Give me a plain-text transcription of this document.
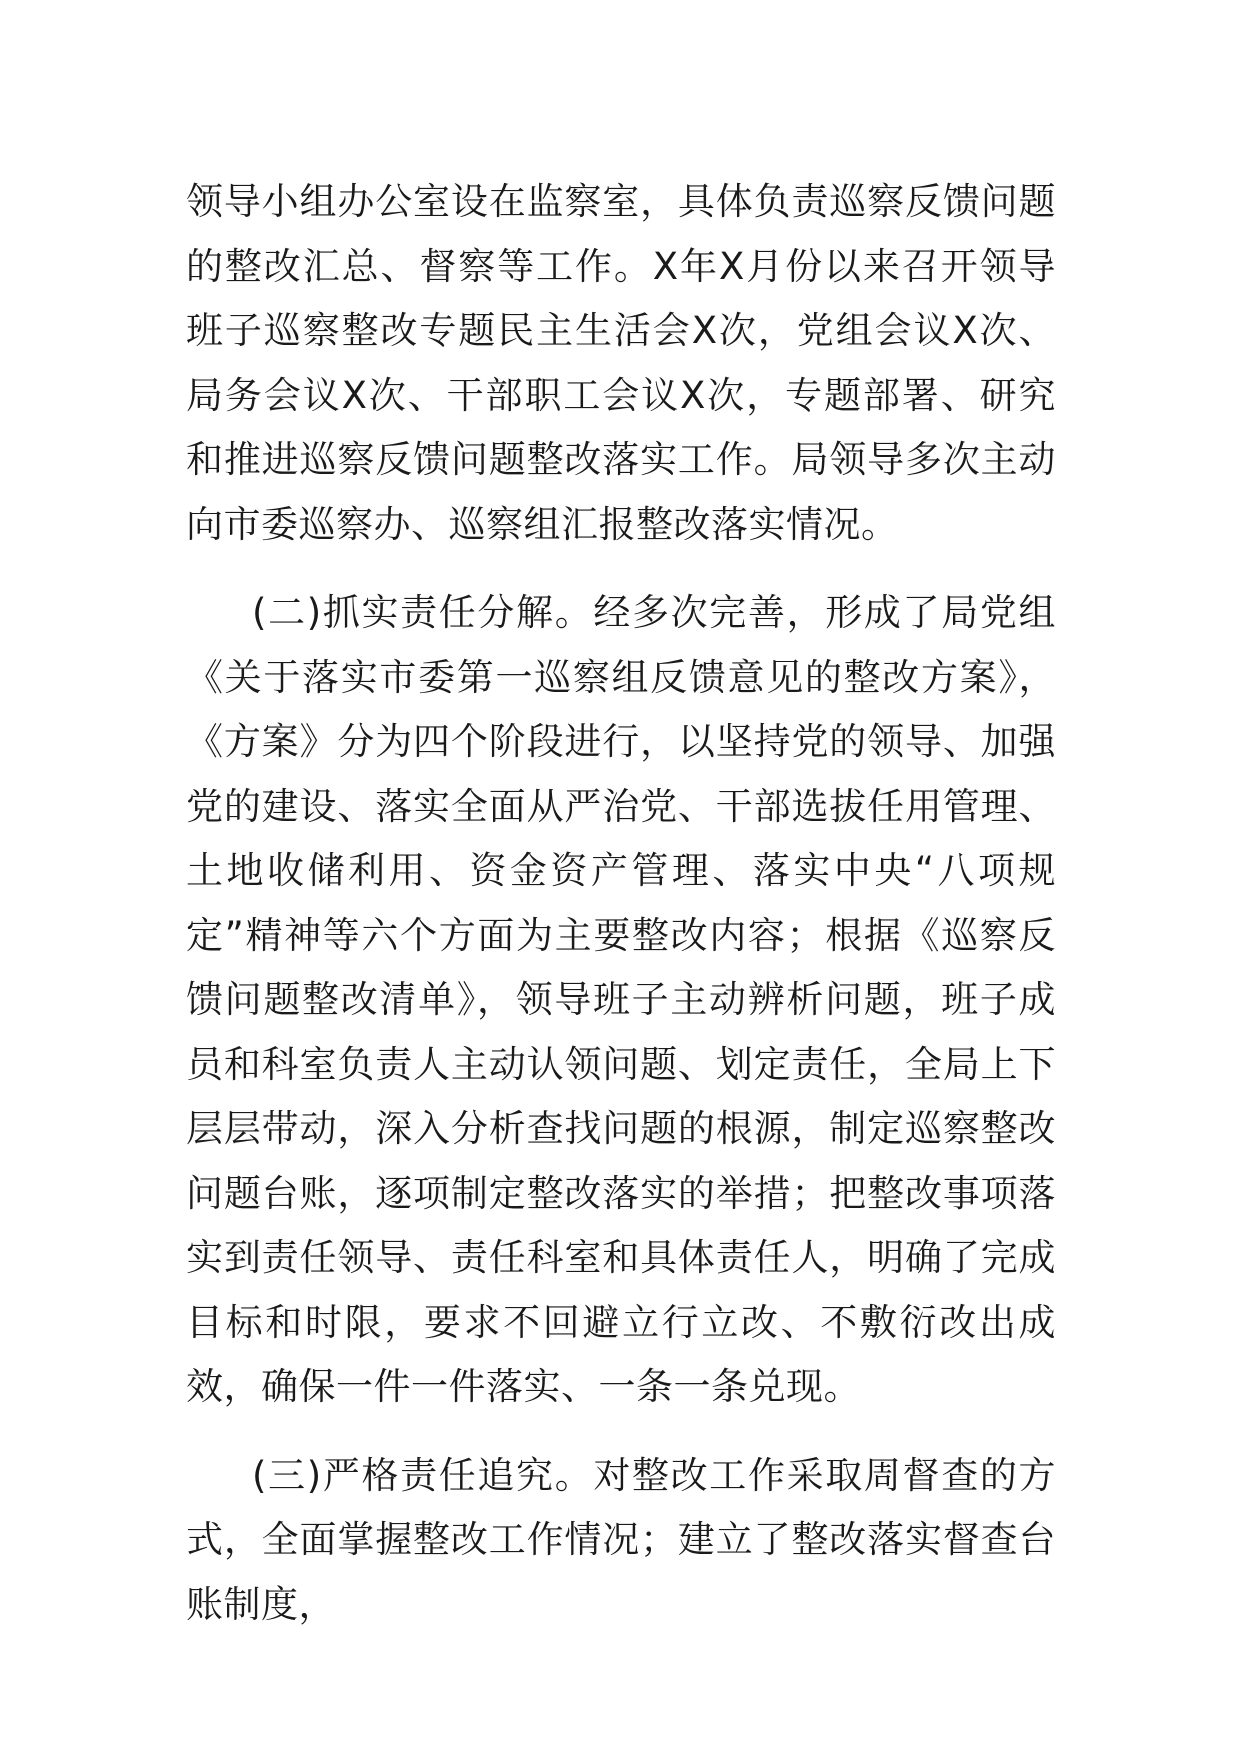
领导小组办公室设在监察室，具体负责巡察反馈问题的整改汇总、督察等工作。X年X月份以来召开领导班子巡察整改专题民主生活会X次，党组会议X次、局务会议X次、干部职工会议X次，专题部署、研究和推进巡察反馈问题整改落实工作。局领导多次主动向市委巡察办、巡察组汇报整改落实情况。

(二)抓实责任分解。经多次完善，形成了局党组《关于落实市委第一巡察组反馈意见的整改方案》，《方案》分为四个阶段进行，以坚持党的领导、加强党的建设、落实全面从严治党、干部选拔任用管理、土地收储利用、资金资产管理、落实中央“八项规定”精神等六个方面为主要整改内容；根据《巡察反馈问题整改清单》，领导班子主动辨析问题，班子成员和科室负责人主动认领问题、划定责任，全局上下层层带动，深入分析查找问题的根源，制定巡察整改问题台账，逐项制定整改落实的举措；把整改事项落实到责任领导、责任科室和具体责任人，明确了完成目标和时限，要求不回避立行立改、不敷衍改出成效，确保一件一件落实、一条一条兑现。

(三)严格责任追究。对整改工作采取周督查的方式，全面掌握整改工作情况；建立了整改落实督查台账制度，
